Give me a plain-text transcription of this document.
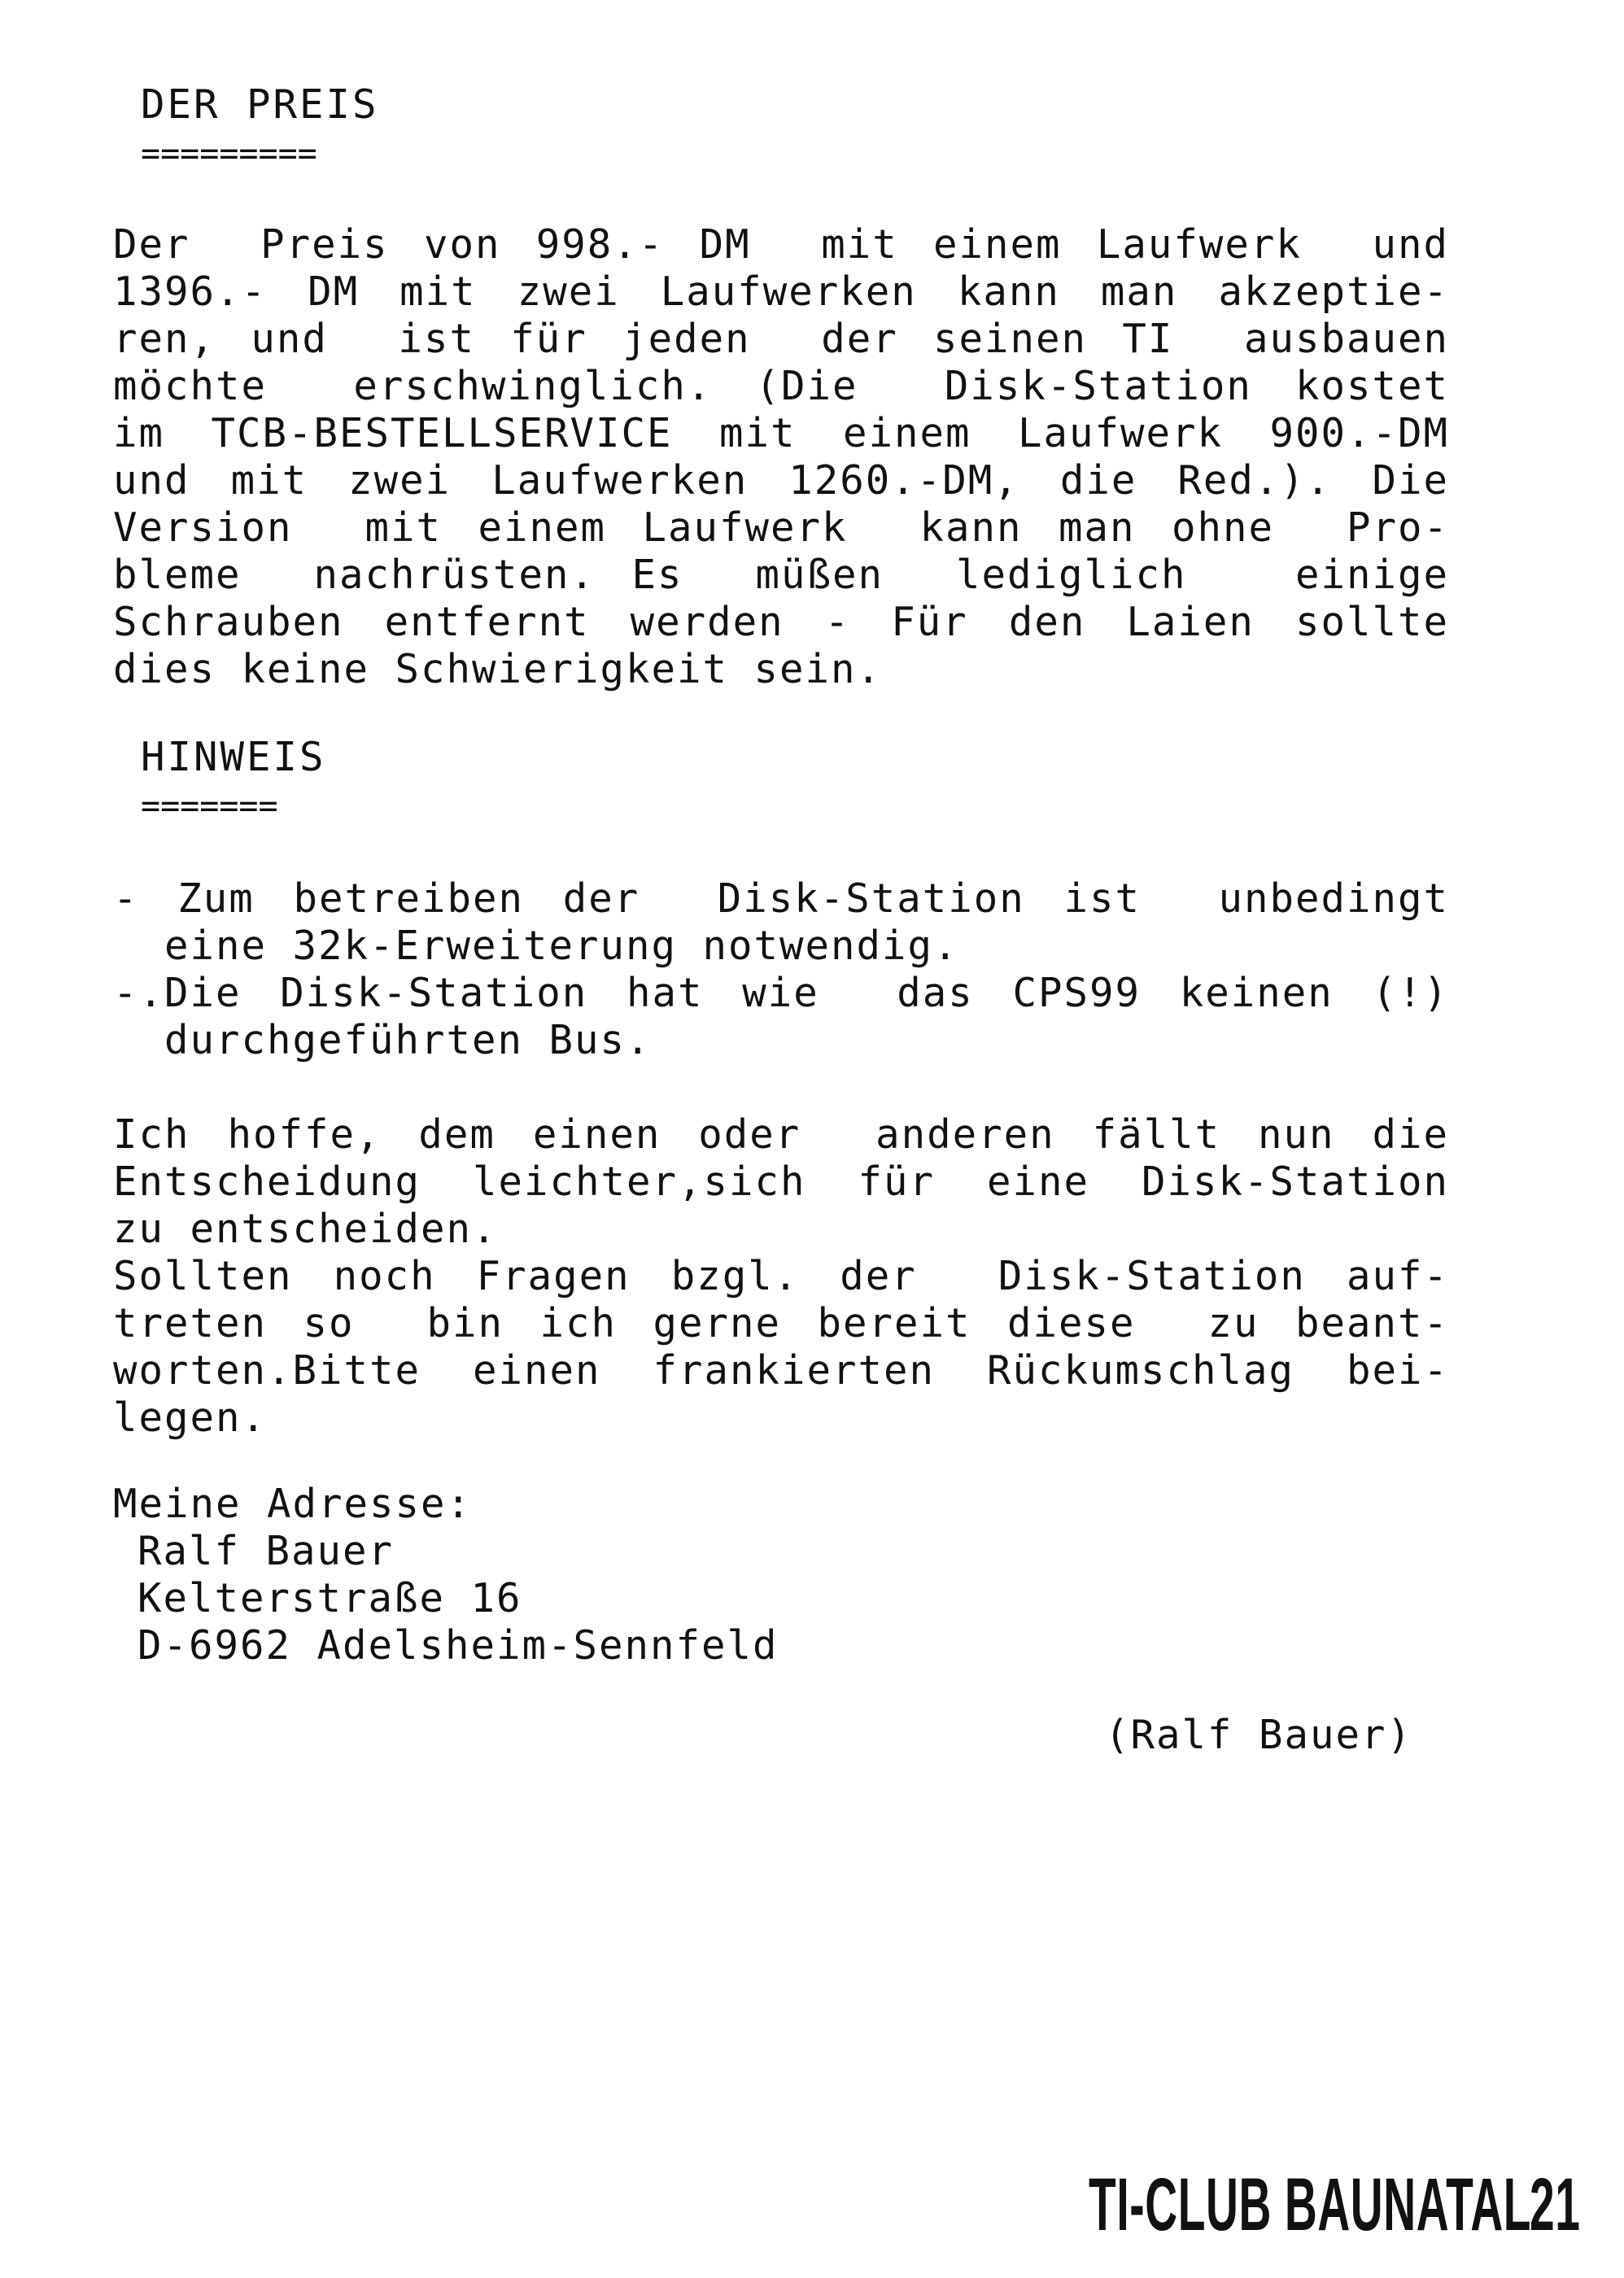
DER PREIS
=========
Der  Preis von 998.- DM  mit einem Laufwerk  und
1396.- DM mit zwei Laufwerken kann man akzeptie-
ren, und  ist für jeden  der seinen TI  ausbauen
möchte  erschwinglich. (Die  Disk-Station kostet
im TCB-BESTELLSERVICE mit einem Laufwerk 900.-DM
und mit zwei Laufwerken 1260.-DM, die Red.). Die
Version  mit einem Laufwerk  kann man ohne  Pro-
bleme  nachrüsten. Es  müßen  lediglich   einige
Schrauben entfernt werden - Für den Laien sollte
dies keine Schwierigkeit sein.
HINWEIS
=======
- Zum betreiben der  Disk-Station ist  unbedingt
eine 32k-Erweiterung notwendig.
-.Die Disk-Station hat wie  das CPS99 keinen (!)
durchgeführten Bus.
Ich hoffe, dem einen oder  anderen fällt nun die
Entscheidung leichter,sich für eine Disk-Station
zu entscheiden.
Sollten noch Fragen bzgl. der  Disk-Station auf-
treten so  bin ich gerne bereit diese  zu beant-
worten.Bitte einen frankierten Rückumschlag bei-
legen.
Meine Adresse:
Ralf Bauer
Kelterstraße 16
D-6962 Adelsheim-Sennfeld
(Ralf Bauer)
TI-CLUB BAUNATAL
21
